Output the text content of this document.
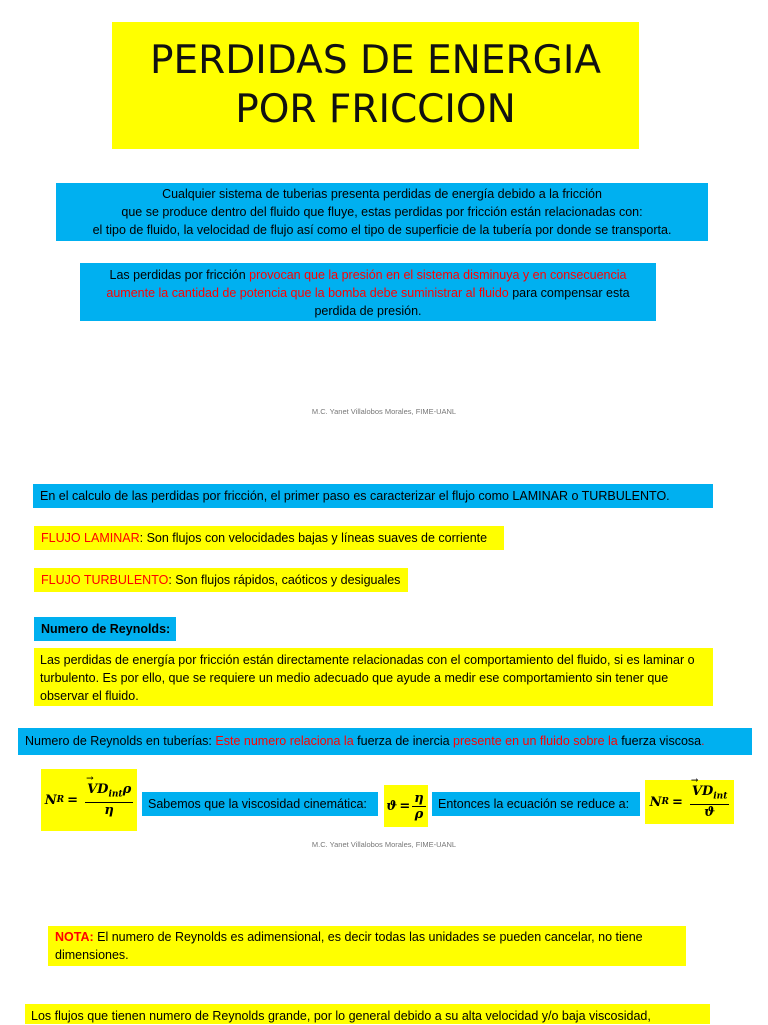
PERDIDAS DE ENERGIA
POR FRICCION
Cualquier sistema de tuberias presenta perdidas de energía debido a la fricción
que se produce dentro del fluido que fluye, estas perdidas por fricción están relacionadas con:
el tipo de fluido, la velocidad de flujo así como el tipo de superficie de la tubería por donde se transporta.
Las perdidas por fricción provocan que la presión en el sistema disminuya y en consecuencia aumente la cantidad de potencia que la bomba debe suministrar al fluido para compensar esta perdida de presión.
M.C. Yanet Villalobos Morales, FIME-UANL
En el calculo de las perdidas por fricción, el primer paso es caracterizar el flujo como LAMINAR o TURBULENTO.
FLUJO LAMINAR: Son flujos con velocidades bajas y líneas suaves de corriente
FLUJO TURBULENTO: Son flujos rápidos, caóticos y desiguales
Numero de Reynolds:
Las perdidas de energía por fricción están directamente relacionadas con el comportamiento del fluido, si es laminar o turbulento. Es por ello, que se requiere un medio adecuado que ayude a medir ese comportamiento sin tener que observar el fluido.
Numero de Reynolds en tuberías: Este numero relaciona la fuerza de inercia presente en un fluido sobre la fuerza viscosa.
N R = → $\frac{VD_{int}\rho}{\eta}$	Sabemos que la viscosidad cinemática:	$ϑ = \frac{\eta}{\rho}$ Entonces la ecuación se reduce a:	N R = → $\frac{VD_{int}}{ϑ}$
M.C. Yanet Villalobos Morales, FIME-UANL
NOTA: El numero de Reynolds es adimensional, es decir todas las unidades se pueden cancelar, no tiene dimensiones.
Los flujos que tienen numero de Reynolds grande, por lo general debido a su alta velocidad y/o baja viscosidad,
